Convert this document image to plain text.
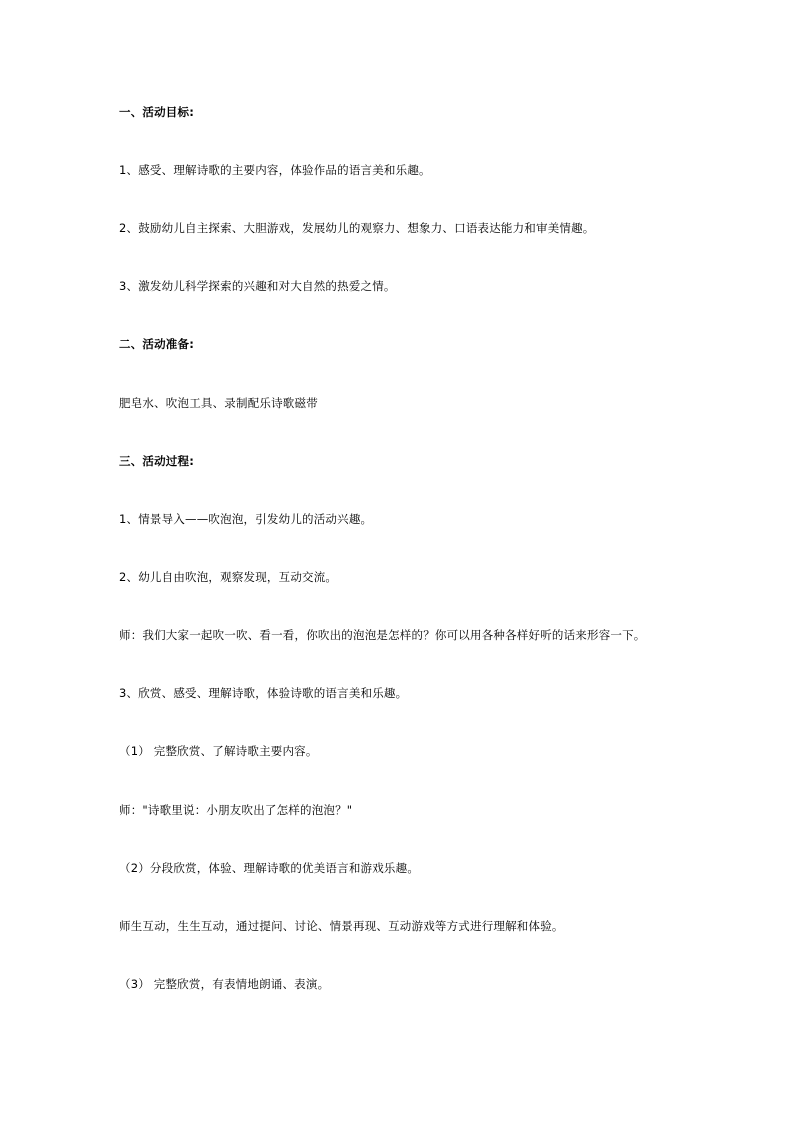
一、活动目标:
1、感受、理解诗歌的主要内容，体验作品的语言美和乐趣。
2、鼓励幼儿自主探索、大胆游戏，发展幼儿的观察力、想象力、口语表达能力和审美情趣。
3、激发幼儿科学探索的兴趣和对大自然的热爱之情。
二、活动准备:
肥皂水、吹泡工具、录制配乐诗歌磁带
三、活动过程:
1、情景导入——吹泡泡，引发幼儿的活动兴趣。
2、幼儿自由吹泡，观察发现，互动交流。
师：我们大家一起吹一吹、看一看，你吹出的泡泡是怎样的？你可以用各种各样好听的话来形容一下。
3、欣赏、感受、理解诗歌，体验诗歌的语言美和乐趣。
（1） 完整欣赏、了解诗歌主要内容。
师："诗歌里说：小朋友吹出了怎样的泡泡？"
（2）分段欣赏，体验、理解诗歌的优美语言和游戏乐趣。
师生互动，生生互动，通过提问、讨论、情景再现、互动游戏等方式进行理解和体验。
（3） 完整欣赏，有表情地朗诵、表演。
